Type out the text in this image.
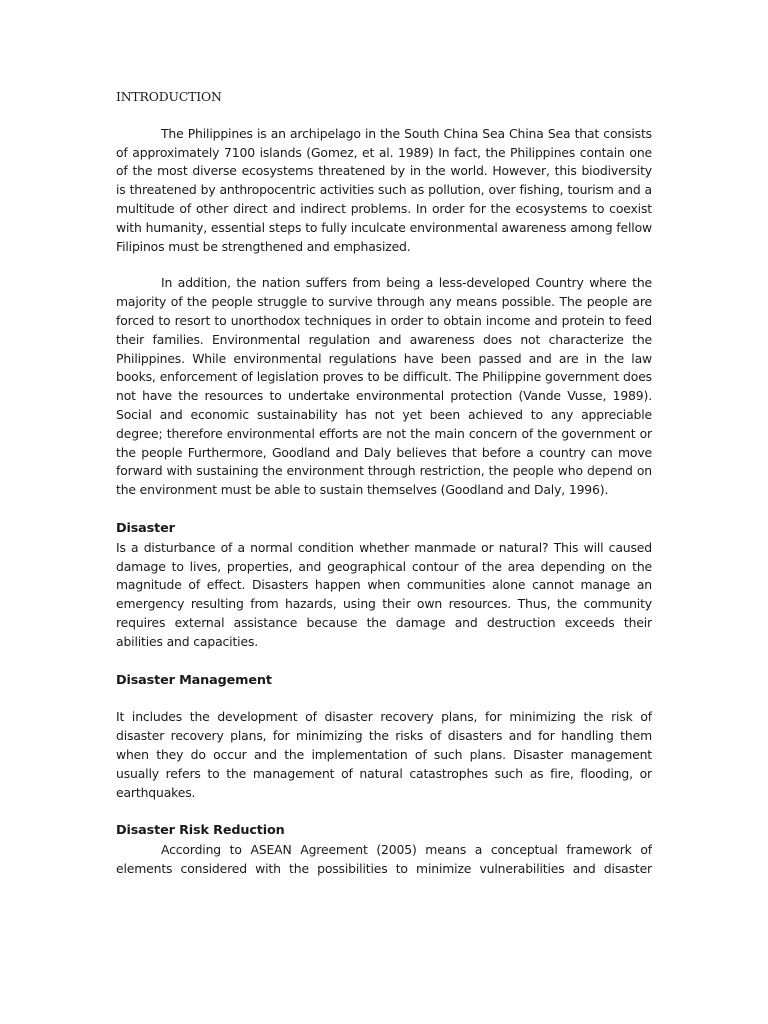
INTRODUCTION

The Philippines is an archipelago in the South China Sea China Sea that consists of approximately 7100 islands (Gomez, et al. 1989) In fact, the Philippines contain one of the most diverse ecosystems threatened by in the world. However, this biodiversity is threatened by anthropocentric activities such as pollution, over fishing, tourism and a multitude of other direct and indirect problems. In order for the ecosystems to coexist with humanity, essential steps to fully inculcate environmental awareness among fellow Filipinos must be strengthened and emphasized.

In addition, the nation suffers from being a less-developed Country where the majority of the people struggle to survive through any means possible. The people are forced to resort to unorthodox techniques in order to obtain income and protein to feed their families. Environmental regulation and awareness does not characterize the Philippines. While environmental regulations have been passed and are in the law books, enforcement of legislation proves to be difficult. The Philippine government does not have the resources to undertake environmental protection (Vande Vusse, 1989). Social and economic sustainability has not yet been achieved to any appreciable degree; therefore environmental efforts are not the main concern of the government or the people Furthermore, Goodland and Daly believes that before a country can move forward with sustaining the environment through restriction, the people who depend on the environment must be able to sustain themselves (Goodland and Daly, 1996).

Disaster

Is a disturbance of a normal condition whether manmade or natural? This will caused damage to lives, properties, and geographical contour of the area depending on the magnitude of effect. Disasters happen when communities alone cannot manage an emergency resulting from hazards, using their own resources. Thus, the community requires external assistance because the damage and destruction exceeds their abilities and capacities.

Disaster Management

It includes the development of disaster recovery plans, for minimizing the risk of disaster recovery plans, for minimizing the risks of disasters and for handling them when they do occur and the implementation of such plans. Disaster management usually refers to the management of natural catastrophes such as fire, flooding, or earthquakes.

Disaster Risk Reduction

According to ASEAN Agreement (2005) means a conceptual framework of elements considered with the possibilities to minimize vulnerabilities and disaster
